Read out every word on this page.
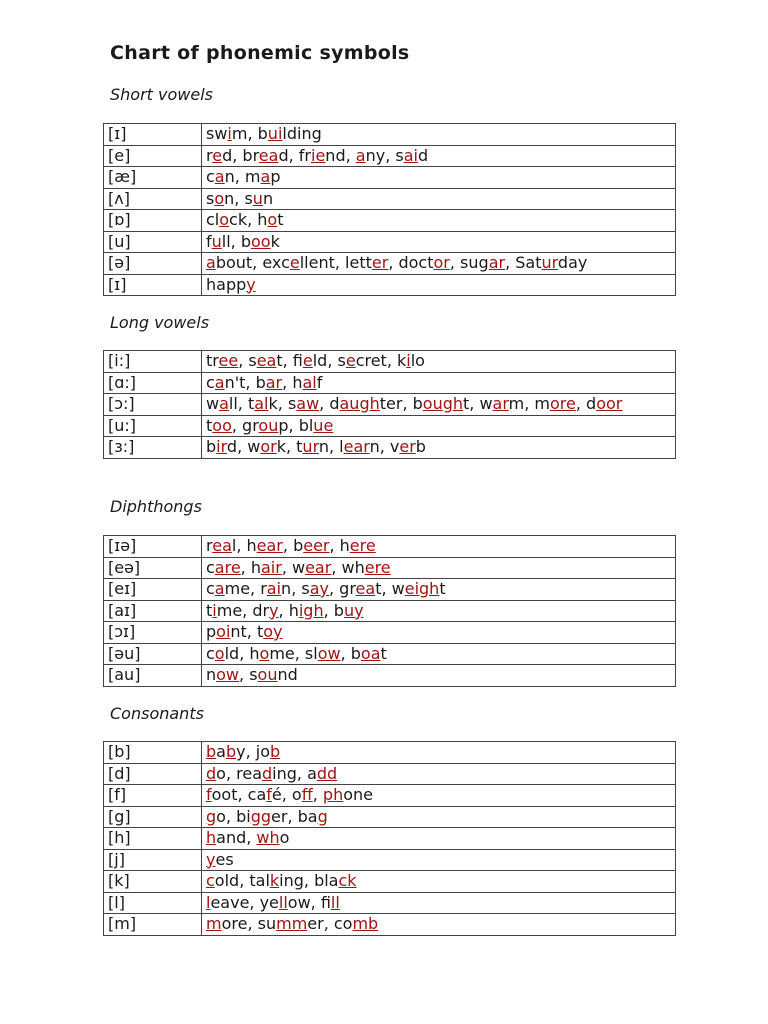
Chart of phonemic symbols
Short vowels
[ɪ]	swim, building
[e]	red, bread, friend, any, said
[æ]	can, map
[ʌ]	son, sun
[ɒ]	clock, hot
[u]	full, book
[ə]	about, excellent, letter, doctor, sugar, Saturday
[ɪ]	happy
Long vowels
[i:]	tree, seat, field, secret, kilo
[ɑ:]	can't, bar, half
[ɔ:]	wall, talk, saw, daughter, bought, warm, more, door
[u:]	too, group, blue
[ɜ:]	bird, work, turn, learn, verb
Diphthongs
[ɪə]	real, hear, beer, here
[eə]	care, hair, wear, where
[eɪ]	came, rain, say, great, weight
[aɪ]	time, dry, high, buy
[ɔɪ]	point, toy
[əu]	cold, home, slow, boat
[au]	now, sound
Consonants
[b]	baby, job
[d]	do, reading, add
[f]	foot, café, off, phone
[g]	go, bigger, bag
[h]	hand, who
[j]	yes
[k]	cold, talking, black
[l]	leave, yellow, fill
[m]	more, summer, comb
